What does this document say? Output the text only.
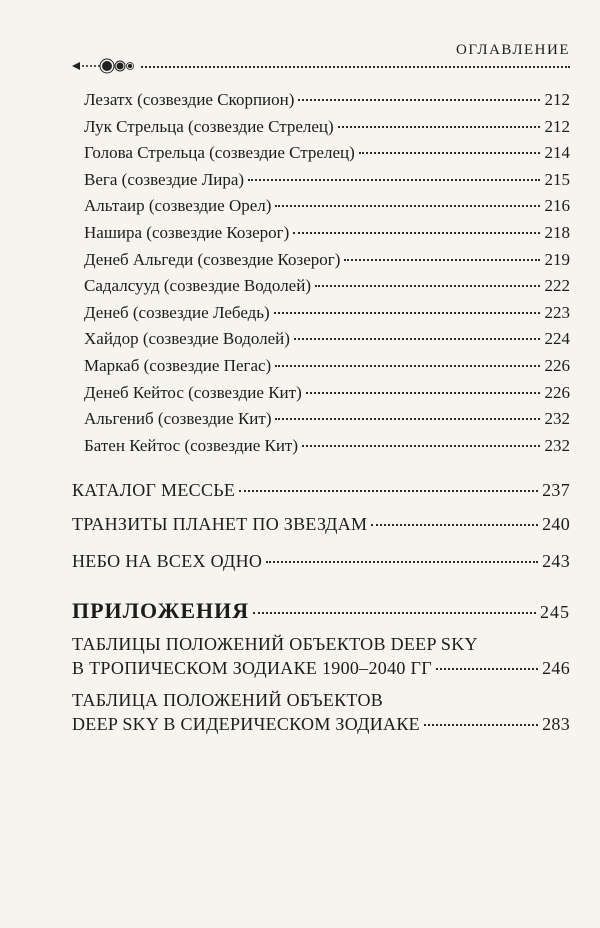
ОГЛАВЛЕНИЕ
Лезатх (созвездие Скорпион)	212
Лук Стрельца (созвездие Стрелец)	212
Голова Стрельца (созвездие Стрелец)	214
Вега (созвездие Лира)	215
Альтаир (созвездие Орел)	216
Нашира (созвездие Козерог)	218
Денеб Альгеди (созвездие Козерог)	219
Садалсууд (созвездие Водолей)	222
Денеб (созвездие Лебедь)	223
Хайдор (созвездие Водолей)	224
Маркаб (созвездие Пегас)	226
Денеб Кейтос (созвездие Кит)	226
Альгениб (созвездие Кит)	232
Батен Кейтос (созвездие Кит)	232
КАТАЛОГ МЕССЬЕ	237
ТРАНЗИТЫ ПЛАНЕТ ПО ЗВЕЗДАМ	240
НЕБО НА ВСЕХ ОДНО	243
ПРИЛОЖЕНИЯ	245
ТАБЛИЦЫ ПОЛОЖЕНИЙ ОБЪЕКТОВ DEEP SKY
В ТРОПИЧЕСКОМ ЗОДИАКЕ 1900–2040 ГГ	246
ТАБЛИЦА ПОЛОЖЕНИЙ ОБЪЕКТОВ
DEEP SKY В СИДЕРИЧЕСКОМ ЗОДИАКЕ	283
